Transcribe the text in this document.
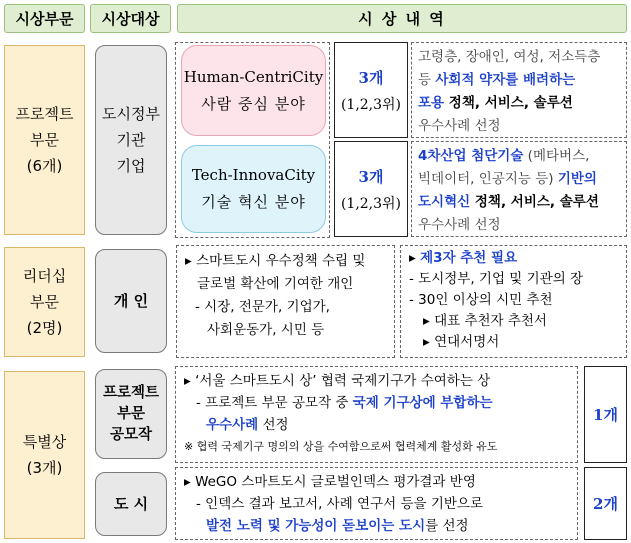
시상부문	시상대상	시 상 내 역
프로젝트
부문
(6개)
도시정부
기관
기업
Human-CentriCity
사람 중심 분야
3개
(1,2,3위)
고령층, 장애인, 여성, 저소득층
등 사회적 약자를 배려하는
포용 정책, 서비스, 솔루션
우수사례 선정
Tech-InnovaCity
기술 혁신 분야
3개
(1,2,3위)
4차산업 첨단기술 (메타버스,
빅데이터, 인공지능 등) 기반의
도시혁신 정책, 서비스, 솔루션
우수사례 선정
리더십
부문
(2명)
개 인
▸ 스마트도시 우수정책 수립 및
글로벌 확산에 기여한 개인
- 시장, 전문가, 기업가,
사회운동가, 시민 등
▸ 제3자 추천 필요
- 도시정부, 기업 및 기관의 장
- 30인 이상의 시민 추천
▸ 대표 추천자 추천서
▸ 연대서명서
특별상
(3개)
프로젝트
부문
공모작
▸ ‘서울 스마트도시 상’ 협력 국제기구가 수여하는 상
- 프로젝트 부문 공모작 중 국제 기구상에 부합하는
우수사례 선정
※ 협력 국제기구 명의의 상을 수여함으로써 협력체계 활성화 유도
1개
도 시
▸ WeGO 스마트도시 글로벌인덱스 평가결과 반영
- 인덱스 결과 보고서, 사례 연구서 등을 기반으로
발전 노력 및 가능성이 돋보이는 도시를 선정
2개
